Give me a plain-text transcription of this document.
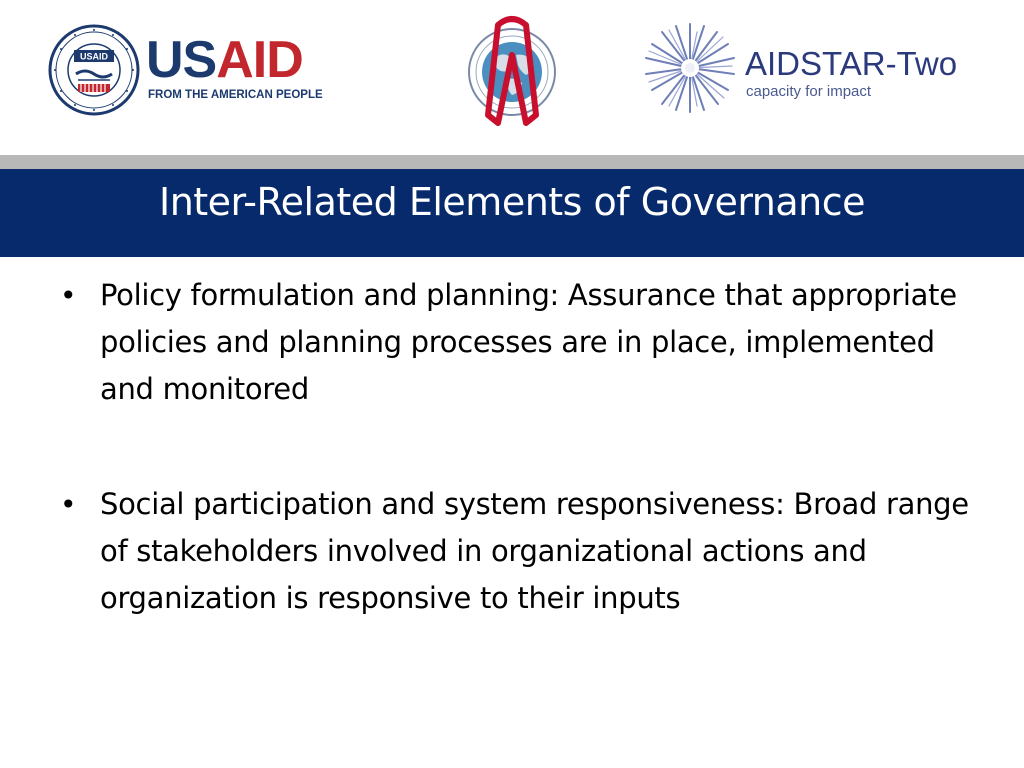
USAID USAID
FROM THE AMERICAN PEOPLE
AIDSTAR-Two
capacity for impact
Inter-Related Elements of Governance
• Policy formulation and planning: Assurance that appropriate policies and planning processes are in place, implemented and monitored
• Social participation and system responsiveness: Broad range of stakeholders involved in organizational actions and organization is responsive to their inputs
